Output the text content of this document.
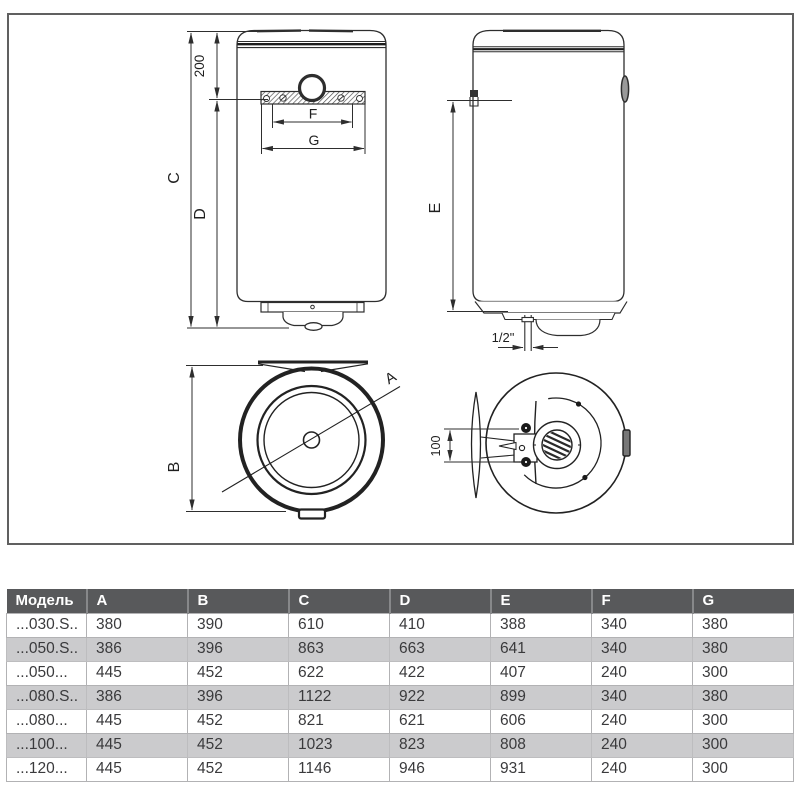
C
D
200
F
G
E
1/2"
A
B
100
Модель	A	B	C	D	E	F	G
...030.S..	380	390	610	410	388	340	380
...050.S..	386	396	863	663	641	340	380
...050...	445	452	622	422	407	240	300
...080.S..	386	396	1122	922	899	340	380
...080...	445	452	821	621	606	240	300
...100...	445	452	1023	823	808	240	300
...120...	445	452	1146	946	931	240	300
